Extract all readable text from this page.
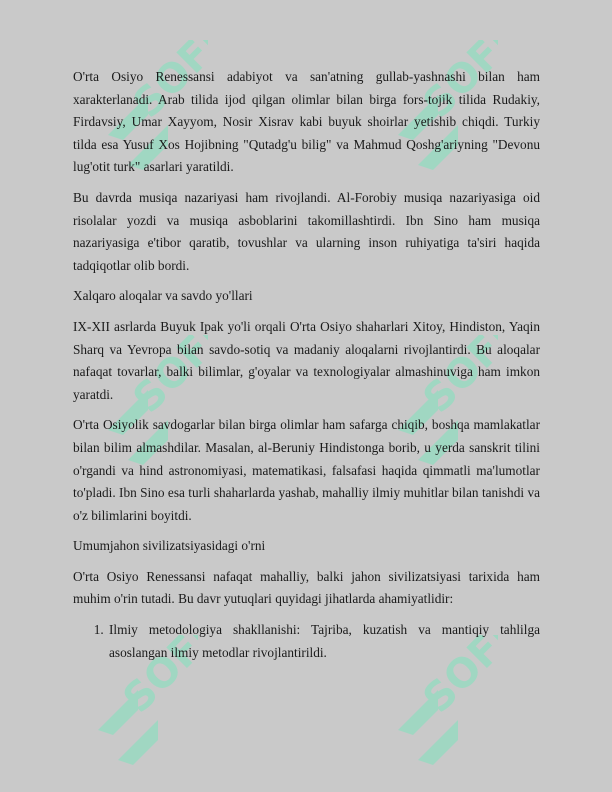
SOFF	SOFF
SOFF	SOFF
SOFF	SOFF

O'rta Osiyo Renessansi adabiyot va san'atning gullab-yashnashi bilan ham xarakterlanadi. Arab tilida ijod qilgan olimlar bilan birga fors-tojik tilida Rudakiy, Firdavsiy, Umar Xayyom, Nosir Xisrav kabi buyuk shoirlar yetishib chiqdi. Turkiy tilda esa Yusuf Xos Hojibning "Qutadg'u bilig" va Mahmud Qoshg'ariyning "Devonu lug'otit turk" asarlari yaratildi.

Bu davrda musiqa nazariyasi ham rivojlandi. Al-Forobiy musiqa nazariyasiga oid risolalar yozdi va musiqa asboblarini takomillashtirdi. Ibn Sino ham musiqa nazariyasiga e'tibor qaratib, tovushlar va ularning inson ruhiyatiga ta'siri haqida tadqiqotlar olib bordi.

Xalqaro aloqalar va savdo yo'llari

IX-XII asrlarda Buyuk Ipak yo'li orqali O'rta Osiyo shaharlari Xitoy, Hindiston, Yaqin Sharq va Yevropa bilan savdo-sotiq va madaniy aloqalarni rivojlantirdi. Bu aloqalar nafaqat tovarlar, balki bilimlar, g'oyalar va texnologiyalar almashinuviga ham imkon yaratdi.

O'rta Osiyolik savdogarlar bilan birga olimlar ham safarga chiqib, boshqa mamlakatlar bilan bilim almashdilar. Masalan, al-Beruniy Hindistonga borib, u yerda sanskrit tilini o'rgandi va hind astronomiyasi, matematikasi, falsafasi haqida qimmatli ma'lumotlar to'pladi. Ibn Sino esa turli shaharlarda yashab, mahalliy ilmiy muhitlar bilan tanishdi va o'z bilimlarini boyitdi.

Umumjahon sivilizatsiyasidagi o'rni

O'rta Osiyo Renessansi nafaqat mahalliy, balki jahon sivilizatsiyasi tarixida ham muhim o'rin tutadi. Bu davr yutuqlari quyidagi jihatlarda ahamiyatlidir:

1. Ilmiy metodologiya shakllanishi: Tajriba, kuzatish va mantiqiy tahlilga asoslangan ilmiy metodlar rivojlantirildi.
